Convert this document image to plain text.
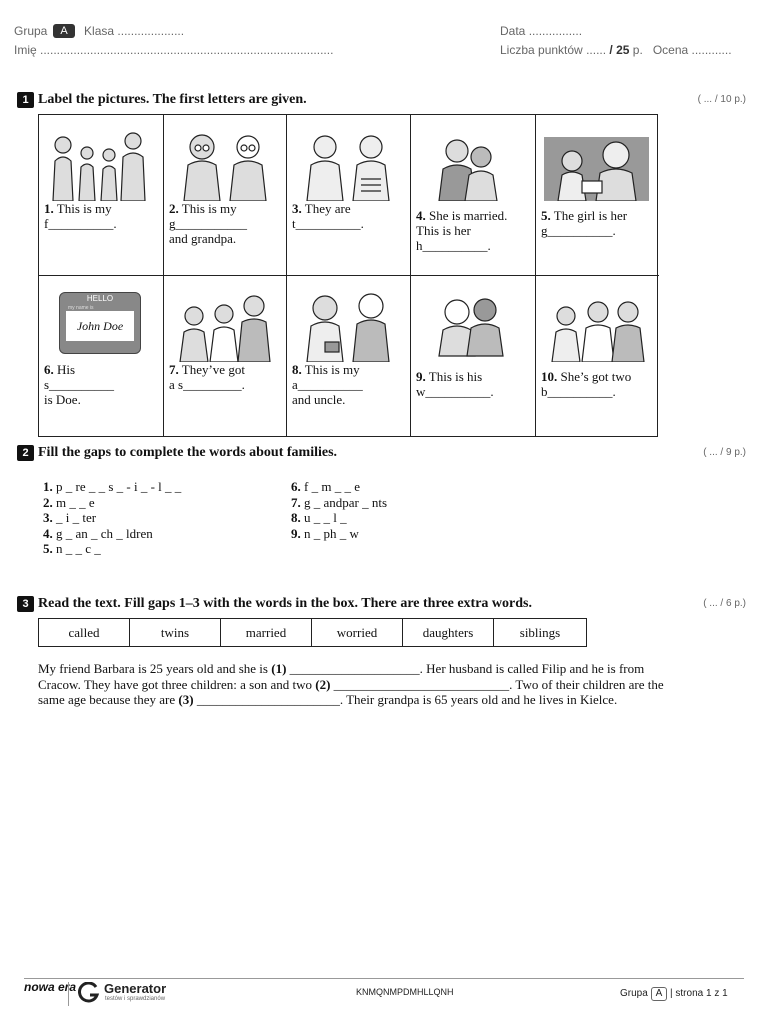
Grupa A Klasa ....................
Imię ........................................................................................
Data ................
Liczba punktów ...... / 25 p. Ocena ............
1 Label the pictures. The first letters are given.	( ... / 10 p.)
1. This is my
f__________.
2. This is my
g___________
and grandpa.
3. They are
t__________.
4. She is married.
This is her
h__________.
5. The girl is her
g__________.
HELLO
my name is
John Doe
6. His
s__________
is Doe.
7. They’ve got
a s_________.
8. This is my
a__________
and uncle.
9. This is his
w__________.
10. She’s got two
b__________.
2 Fill the gaps to complete the words about families.	( ... / 9 p.)
1. p _ re _ _ s _ - i _ - l _ _
2. m _ _ e
3. _ i _ ter
4. g _ an _ ch _ ldren
5. n _ _ c _
6. f _ m _ _ e
7. g _ andpar _ nts
8. u _ _ l _
9. n _ ph _ w
3 Read the text. Fill gaps 1–3 with the words in the box. There are three extra words.	( ... / 6 p.)
called	twins	married	worried	daughters	siblings
My friend Barbara is 25 years old and she is (1) ____________________. Her husband is called Filip and he is from Cracow. They have got three children: a son and two (2) ___________________________. Two of their children are the same age because they are (3) ______________________. Their grandpa is 65 years old and he lives in Kielce.
nowa era Generator
testów i sprawdzianów
KNMQNMPDMHLLQNH	Grupa A | strona 1 z 1
